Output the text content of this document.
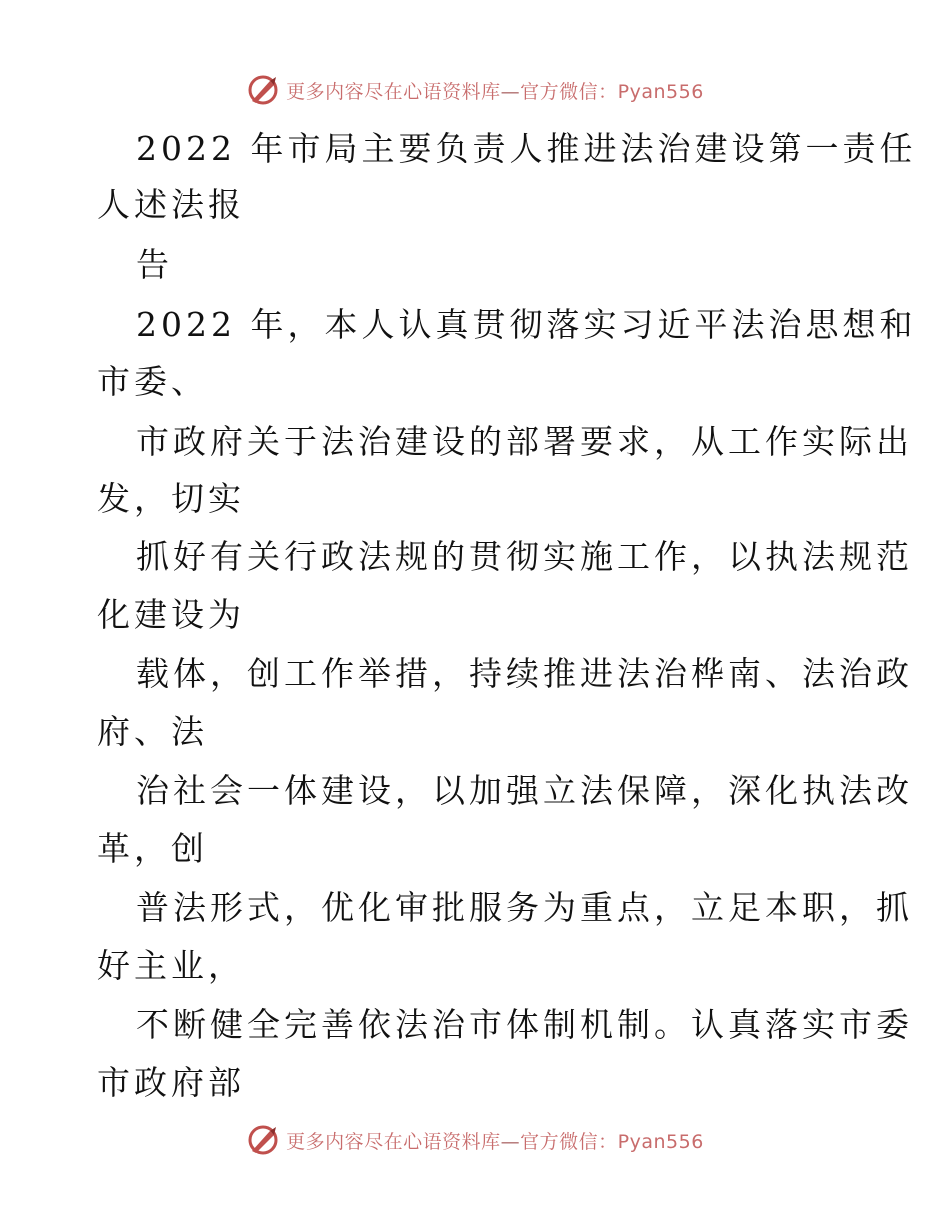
更多内容尽在心语资料库—官方微信：Pyan556
2022 年市局主要负责人推进法治建设第一责任
人述法报
告
2022 年，本人认真贯彻落实习近平法治思想和
市委、
市政府关于法治建设的部署要求，从工作实际出
发，切实
抓好有关行政法规的贯彻实施工作，以执法规范
化建设为
载体，创工作举措，持续推进法治桦南、法治政
府、法
治社会一体建设，以加强立法保障，深化执法改
革，创
普法形式，优化审批服务为重点，立足本职，抓
好主业，
不断健全完善依法治市体制机制。认真落实市委
市政府部
更多内容尽在心语资料库—官方微信：Pyan556
